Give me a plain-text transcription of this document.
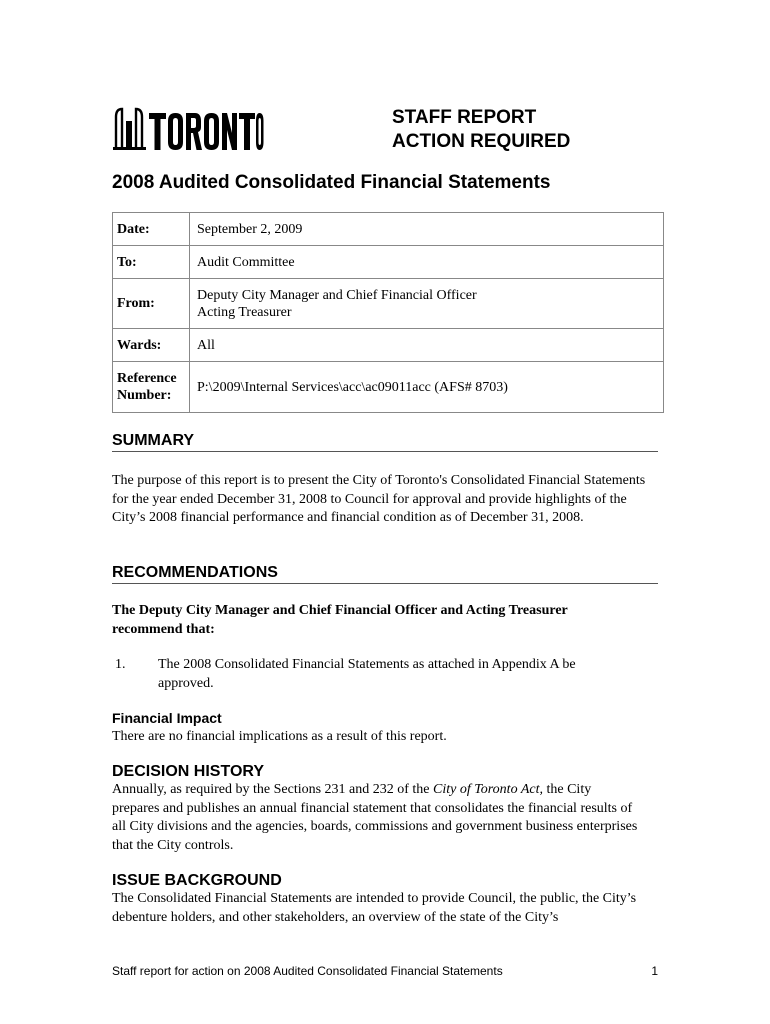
STAFF REPORT
ACTION REQUIRED
2008 Audited Consolidated Financial Statements
Date:	September 2, 2009
To:	Audit Committee
From:	Deputy City Manager and Chief Financial Officer
Acting Treasurer

Wards:	All

Reference
Number:	P:\2009\Internal Services\acc\ac09011acc (AFS# 8703)
SUMMARY

The purpose of this report is to present the City of Toronto's Consolidated Financial Statements for the year ended December 31, 2008 to Council for approval and provide highlights of the City’s 2008 financial performance and financial condition as of December 31, 2008.

RECOMMENDATIONS

The Deputy City Manager and Chief Financial Officer and Acting Treasurer recommend that:

1. The 2008 Consolidated Financial Statements as attached in Appendix A be approved.
Financial Impact

There are no financial implications as a result of this report.

DECISION HISTORY

Annually, as required by the Sections 231 and 232 of the City of Toronto Act, the City prepares and publishes an annual financial statement that consolidates the financial results of all City divisions and the agencies, boards, commissions and government business enterprises that the City controls.

ISSUE BACKGROUND

The Consolidated Financial Statements are intended to provide Council, the public, the City’s debenture holders, and other stakeholders, an overview of the state of the City’s

Staff report for action on 2008 Audited Consolidated Financial Statements	1
